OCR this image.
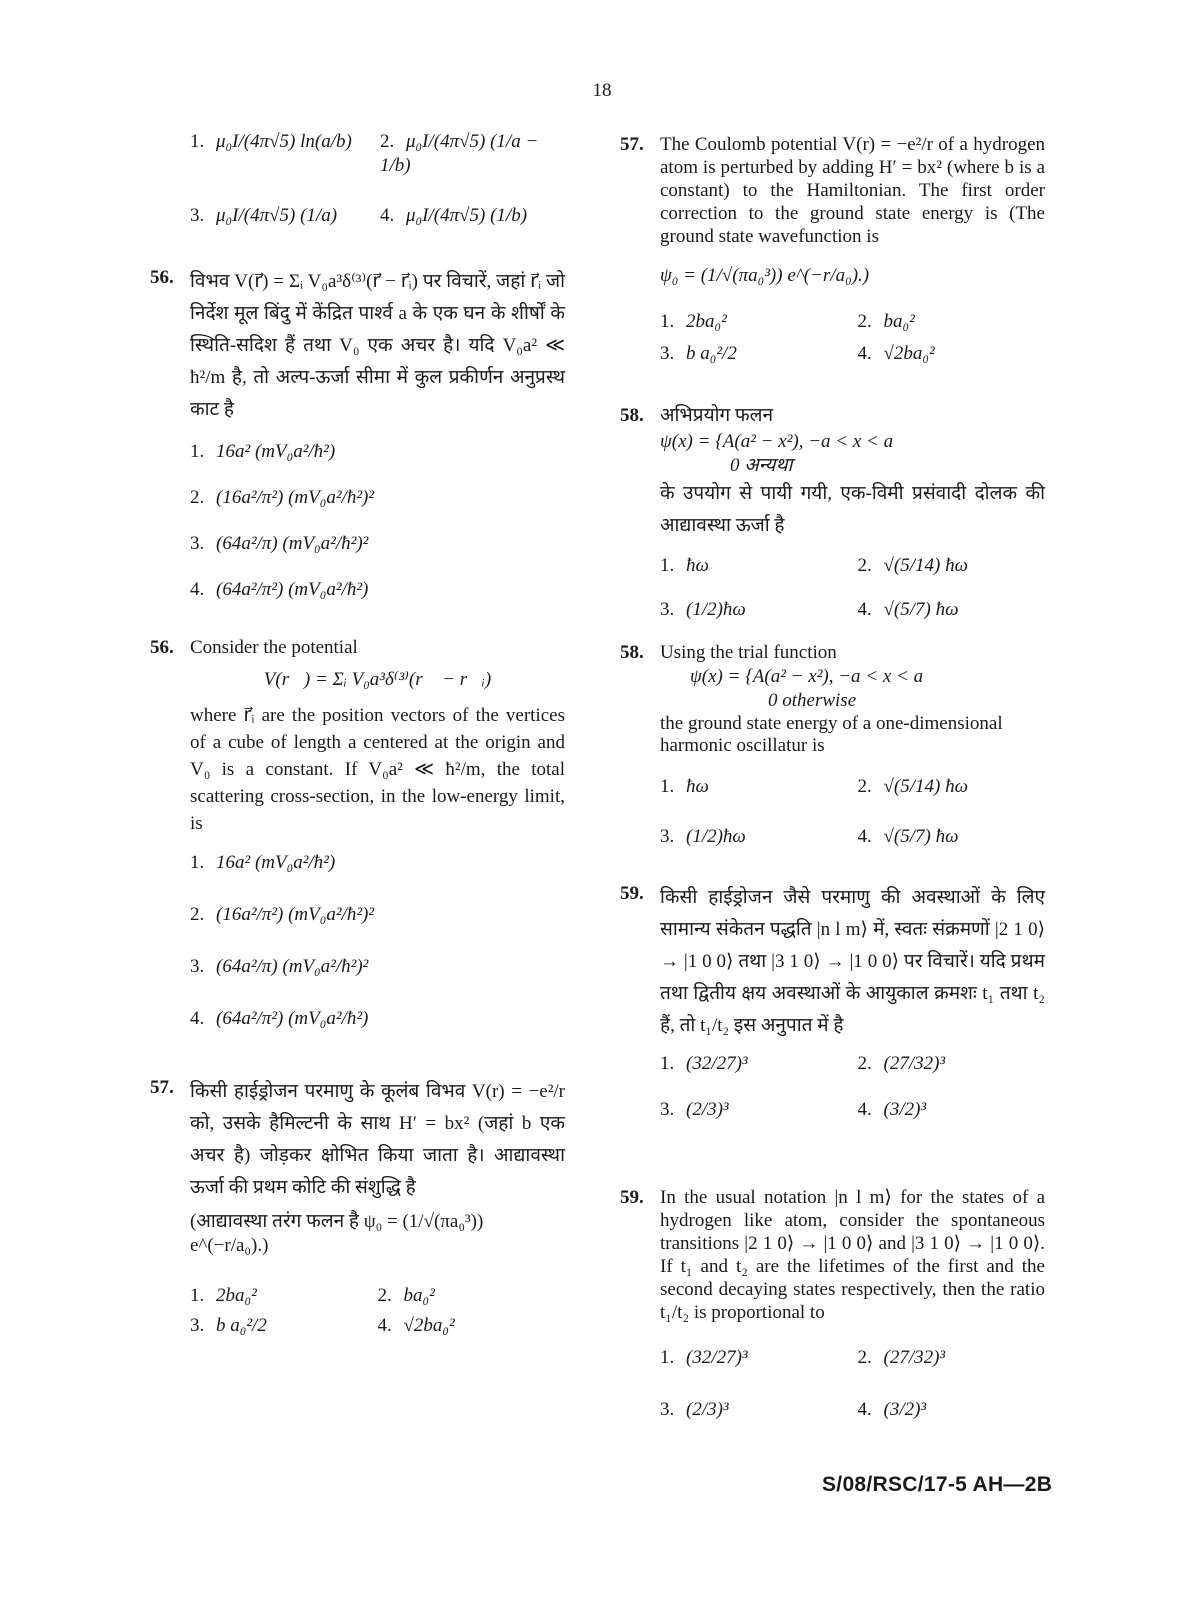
18
1. μ₀I/(4π√5) ln(a/b)	2. μ₀I/(4π√5) (1/a − 1/b)
3. μ₀I/(4π√5) (1/a)	4. μ₀I/(4π√5) (1/b)
56. विभव V(r⃗) = Σᵢ V₀a³δ⁽³⁾(r⃗ − r⃗ᵢ) पर विचारें, जहां r⃗ᵢ जो निर्देश मूल बिंदु में केंद्रित पार्श्व a के एक घन के शीर्षों के स्थिति-सदिश हैं तथा V₀ एक अचर है। यदि V₀a² ≪ ħ²/m है, तो अल्प-ऊर्जा सीमा में कुल प्रकीर्णन अनुप्रस्थ काट है
1. 16a² (mV₀a²/ħ²)
2. (16a²/π²) (mV₀a²/ħ²)²
3. (64a²/π) (mV₀a²/ħ²)²
4. (64a²/π²) (mV₀a²/ħ²)
56. Consider the potential
V(r⃗) = Σᵢ V₀a³δ⁽³⁾(r⃗ − r⃗ᵢ)
where r⃗ᵢ are the position vectors of the vertices of a cube of length a centered at the origin and V₀ is a constant. If V₀a² ≪ ħ²/m, the total scattering cross-section, in the low-energy limit, is
1. 16a² (mV₀a²/ħ²)
2. (16a²/π²) (mV₀a²/ħ²)²
3. (64a²/π) (mV₀a²/ħ²)²
4. (64a²/π²) (mV₀a²/ħ²)
57. किसी हाईड्रोजन परमाणु के कूलंब विभव V(r) = −e²/r को, उसके हैमिल्टनी के साथ H′ = bx² (जहां b एक अचर है) जोड़कर क्षोभित किया जाता है। आद्यावस्था ऊर्जा की प्रथम कोटि की संशुद्धि है
(आद्यावस्था तरंग फलन है ψ₀ = (1/√(πa₀³)) e^(−r/a₀).)
1. 2ba₀²	2. ba₀²
3. b a₀²/2	4. √2ba₀²
57. The Coulomb potential V(r) = −e²/r of a hydrogen atom is perturbed by adding H′ = bx² (where b is a constant) to the Hamiltonian. The first order correction to the ground state energy is (The ground state wavefunction is
ψ₀ = (1/√(πa₀³)) e^(−r/a₀).)
1. 2ba₀²	2. ba₀²
3. b a₀²/2	4. √2ba₀²
58. अभिप्रयोग फलन
ψ(x) = {A(a² − x²), −a < x < a
0 अन्यथा
के उपयोग से पायी गयी, एक-विमी प्रसंवादी दोलक की आद्यावस्था ऊर्जा है
1. ħω	2. √(5/14) ħω
3. (1/2)ħω	4. √(5/7) ħω
58. Using the trial function
ψ(x) = {A(a² − x²), −a < x < a
0 otherwise
the ground state energy of a one-dimensional harmonic oscillatur is
1. ħω	2. √(5/14) ħω
3. (1/2)ħω	4. √(5/7) ħω
59. किसी हाईड्रोजन जैसे परमाणु की अवस्थाओं के लिए सामान्य संकेतन पद्धति |n l m⟩ में, स्वतः संक्रमणों |2 1 0⟩ → |1 0 0⟩ तथा |3 1 0⟩ → |1 0 0⟩ पर विचारें। यदि प्रथम तथा द्वितीय क्षय अवस्थाओं के आयुकाल क्रमशः t₁ तथा t₂ हैं, तो t₁/t₂ इस अनुपात में है
1. (32/27)³	2. (27/32)³
3. (2/3)³	4. (3/2)³
59. In the usual notation |n l m⟩ for the states of a hydrogen like atom, consider the spontaneous transitions |2 1 0⟩ → |1 0 0⟩ and |3 1 0⟩ → |1 0 0⟩. If t₁ and t₂ are the lifetimes of the first and the second decaying states respectively, then the ratio t₁/t₂ is proportional to
1. (32/27)³	2. (27/32)³
3. (2/3)³	4. (3/2)³
S/08/RSC/17-5 AH—2B
